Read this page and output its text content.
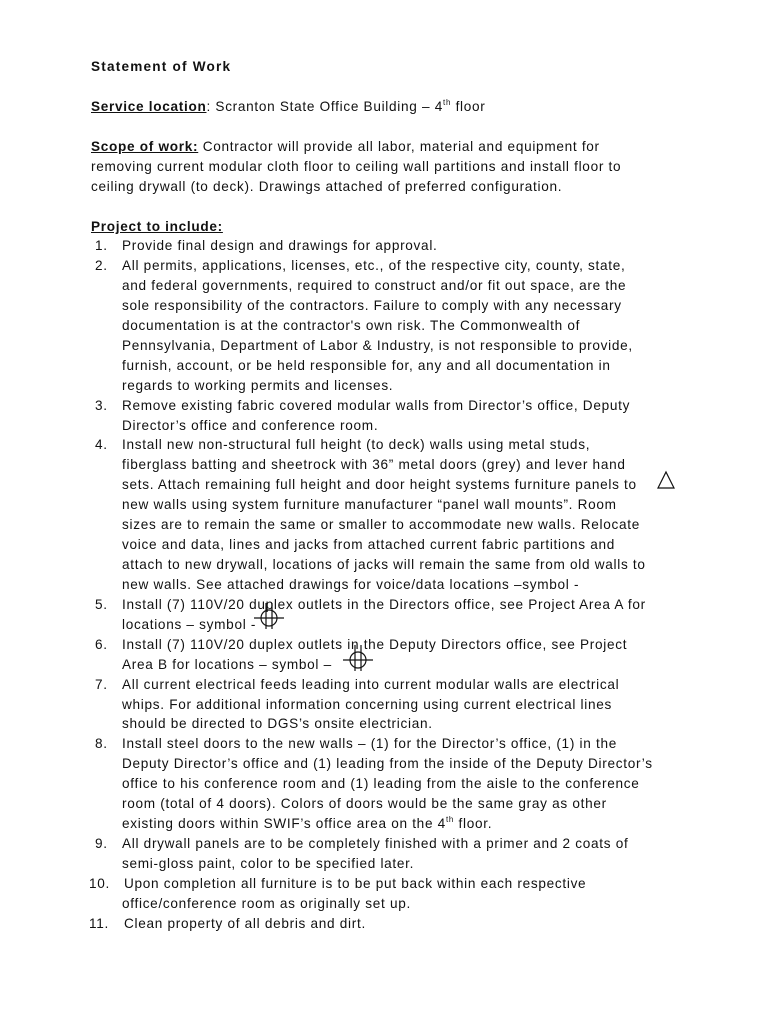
Statement of Work
Service location: Scranton State Office Building – 4th floor
Scope of work: Contractor will provide all labor, material and equipment for
removing current modular cloth floor to ceiling wall partitions and install floor to
ceiling drywall (to deck). Drawings attached of preferred configuration.
Project to include:
1. Provide final design and drawings for approval.
2. All permits, applications, licenses, etc., of the respective city, county, state,
and federal governments, required to construct and/or fit out space, are the
sole responsibility of the contractors. Failure to comply with any necessary
documentation is at the contractor's own risk. The Commonwealth of
Pennsylvania, Department of Labor & Industry, is not responsible to provide,
furnish, account, or be held responsible for, any and all documentation in
regards to working permits and licenses.
3. Remove existing fabric covered modular walls from Director’s office, Deputy
Director’s office and conference room.
4. Install new non-structural full height (to deck) walls using metal studs,
fiberglass batting and sheetrock with 36” metal doors (grey) and lever hand
sets. Attach remaining full height and door height systems furniture panels to
new walls using system furniture manufacturer “panel wall mounts”. Room
sizes are to remain the same or smaller to accommodate new walls. Relocate
voice and data, lines and jacks from attached current fabric partitions and
attach to new drywall, locations of jacks will remain the same from old walls to
new walls. See attached drawings for voice/data locations –symbol -
5. Install (7) 110V/20 duplex outlets in the Directors office, see Project Area A for
locations – symbol -
6. Install (7) 110V/20 duplex outlets in the Deputy Directors office, see Project
Area B for locations – symbol –
7. All current electrical feeds leading into current modular walls are electrical
whips. For additional information concerning using current electrical lines
should be directed to DGS’s onsite electrician.
8. Install steel doors to the new walls – (1) for the Director’s office, (1) in the
Deputy Director’s office and (1) leading from the inside of the Deputy Director’s
office to his conference room and (1) leading from the aisle to the conference
room (total of 4 doors). Colors of doors would be the same gray as other
existing doors within SWIF’s office area on the 4th floor.
9. All drywall panels are to be completely finished with a primer and 2 coats of
semi-gloss paint, color to be specified later.
10. Upon completion all furniture is to be put back within each respective
office/conference room as originally set up.
11. Clean property of all debris and dirt.
